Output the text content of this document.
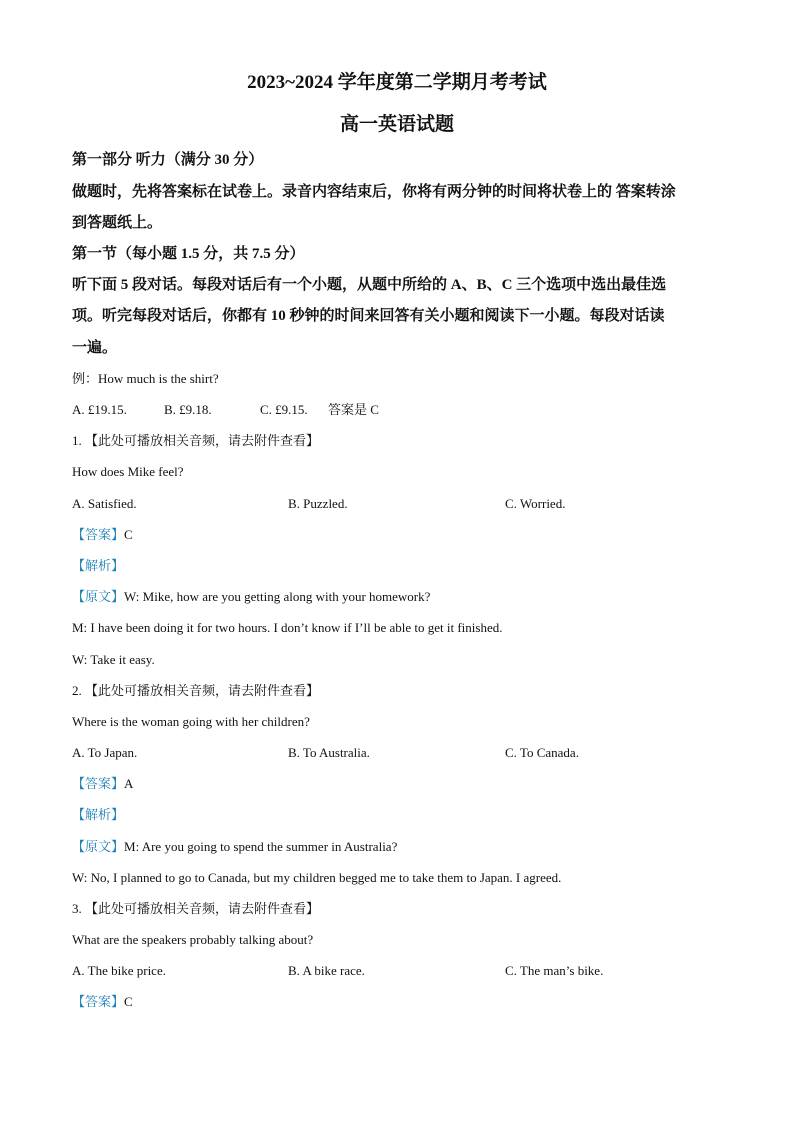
2023~2024 学年度第二学期月考考试
高一英语试题
第一部分 听力（满分 30 分）
做题时，先将答案标在试卷上。录音内容结束后，你将有两分钟的时间将状卷上的 答案转涂
到答题纸上。
第一节（每小题 1.5 分，共 7.5 分）
听下面 5 段对话。每段对话后有一个小题，从题中所给的 A、B、C 三个选项中选出最佳选
项。听完每段对话后，你都有 10 秒钟的时间来回答有关小题和阅读下一小题。每段对话读
一遍。
例：How much is the shirt?
A. £19.15.	B. £9.18.	C. £9.15. 答案是 C
1. 【此处可播放相关音频，请去附件查看】
How does Mike feel?
A. Satisfied.	B. Puzzled.	C. Worried.
【答案】C
【解析】
【原文】W: Mike, how are you getting along with your homework?
M: I have been doing it for two hours. I don’t know if I’ll be able to get it finished.
W: Take it easy.
2. 【此处可播放相关音频，请去附件查看】
Where is the woman going with her children?
A. To Japan.	B. To Australia.	C. To Canada.
【答案】A
【解析】
【原文】M: Are you going to spend the summer in Australia?
W: No, I planned to go to Canada, but my children begged me to take them to Japan. I agreed.
3. 【此处可播放相关音频，请去附件查看】
What are the speakers probably talking about?
A. The bike price.	B. A bike race.	C. The man’s bike.
【答案】C
